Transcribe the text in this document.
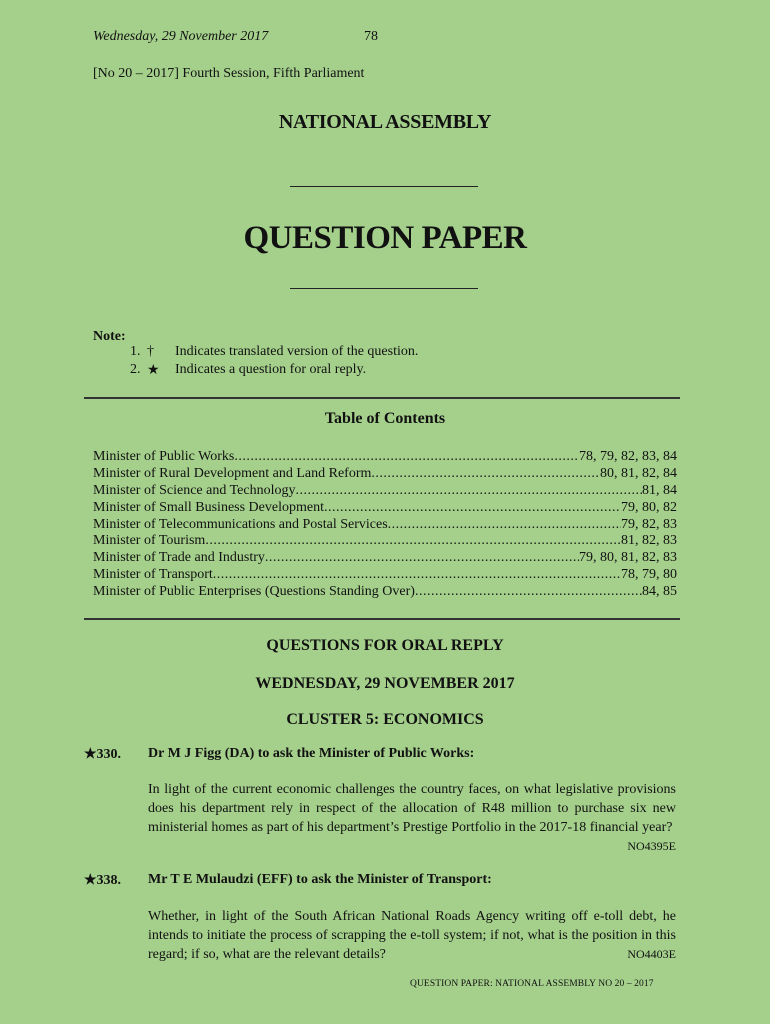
Wednesday, 29 November 2017	78
[No 20 – 2017] Fourth Session, Fifth Parliament
NATIONAL ASSEMBLY
QUESTION PAPER
Note:
1. † Indicates translated version of the question.
2. ★ Indicates a question for oral reply.
Table of Contents
Minister of Public Works .....	78, 79, 82, 83, 84
Minister of Rural Development and Land Reform .....	80, 81, 82, 84
Minister of Science and Technology .....	81, 84
Minister of Small Business Development .....	79, 80, 82
Minister of Telecommunications and Postal Services .....	79, 82, 83
Minister of Tourism .....	81, 82, 83
Minister of Trade and Industry .....	79, 80, 81, 82, 83
Minister of Transport .....	78, 79, 80
Minister of Public Enterprises (Questions Standing Over) .....	84, 85
QUESTIONS FOR ORAL REPLY
WEDNESDAY, 29 NOVEMBER 2017
CLUSTER 5: ECONOMICS
★330. Dr M J Figg (DA) to ask the Minister of Public Works:
In light of the current economic challenges the country faces, on what legislative provisions does his department rely in respect of the allocation of R48 million to purchase six new ministerial homes as part of his department’s Prestige Portfolio in the 2017-18 financial year?
NO4395E
★338. Mr T E Mulaudzi (EFF) to ask the Minister of Transport:
Whether, in light of the South African National Roads Agency writing off e-toll debt, he intends to initiate the process of scrapping the e-toll system; if not, what is the position in this regard; if so, what are the relevant details?	NO4403E
QUESTION PAPER: NATIONAL ASSEMBLY NO 20 – 2017
